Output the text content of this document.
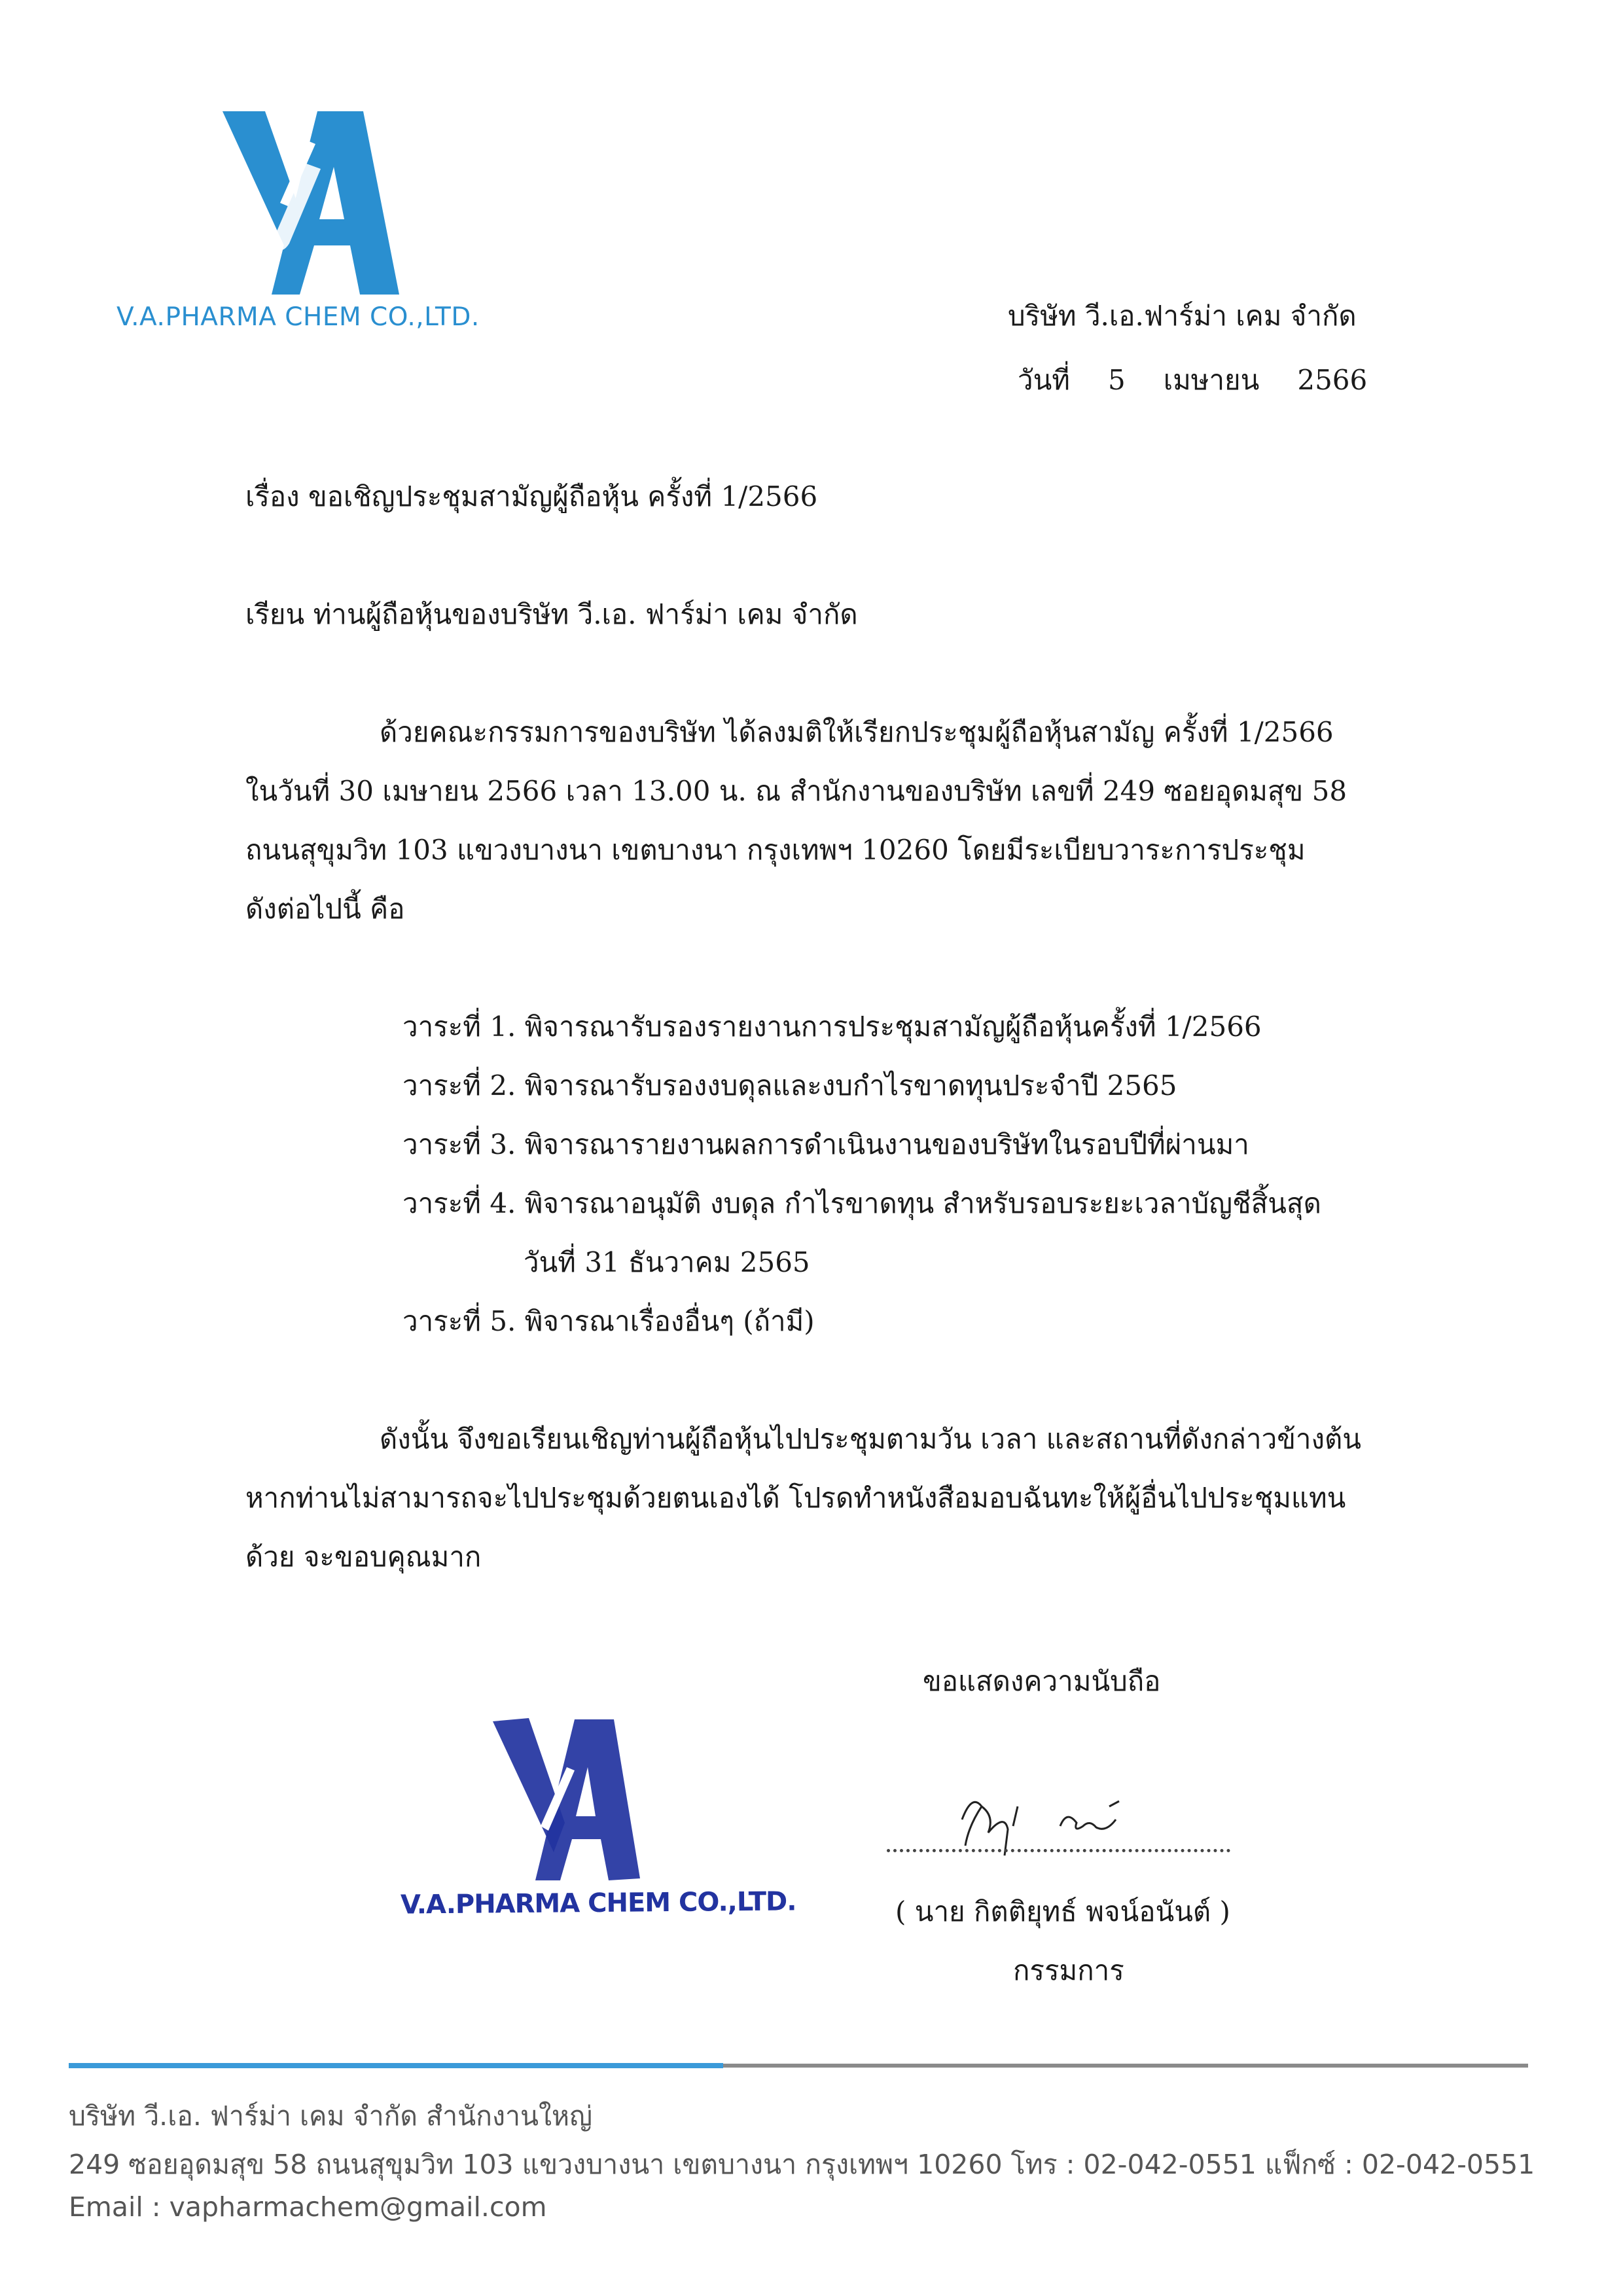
V.A.PHARMA CHEM CO.,LTD.	บริษัท วี.เอ.ฟาร์ม่า เคม จำกัด
วันที่ 5 เมษายน 2566
เรื่อง ขอเชิญประชุมสามัญผู้ถือหุ้น ครั้งที่ 1/2566
เรียน ท่านผู้ถือหุ้นของบริษัท วี.เอ. ฟาร์ม่า เคม จำกัด
ด้วยคณะกรรมการของบริษัท ได้ลงมติให้เรียกประชุมผู้ถือหุ้นสามัญ ครั้งที่ 1/2566
ในวันที่ 30 เมษายน 2566 เวลา 13.00 น. ณ สำนักงานของบริษัท เลขที่ 249 ซอยอุดมสุข 58
ถนนสุขุมวิท 103 แขวงบางนา เขตบางนา กรุงเทพฯ 10260 โดยมีระเบียบวาระการประชุม
ดังต่อไปนี้ คือ
วาระที่ 1. พิจารณารับรองรายงานการประชุมสามัญผู้ถือหุ้นครั้งที่ 1/2566
วาระที่ 2. พิจารณารับรองงบดุลและงบกำไรขาดทุนประจำปี 2565
วาระที่ 3. พิจารณารายงานผลการดำเนินงานของบริษัทในรอบปีที่ผ่านมา
วาระที่ 4. พิจารณาอนุมัติ งบดุล กำไรขาดทุน สำหรับรอบระยะเวลาบัญชีสิ้นสุด
วันที่ 31 ธันวาคม 2565
วาระที่ 5. พิจารณาเรื่องอื่นๆ (ถ้ามี)
ดังนั้น จึงขอเรียนเชิญท่านผู้ถือหุ้นไปประชุมตามวัน เวลา และสถานที่ดังกล่าวข้างต้น
หากท่านไม่สามารถจะไปประชุมด้วยตนเองได้ โปรดทำหนังสือมอบฉันทะให้ผู้อื่นไปประชุมแทน
ด้วย จะขอบคุณมาก
ขอแสดงความนับถือ
V.A.PHARMA CHEM CO.,LTD.	( นาย กิตติยุทธ์ พจน์อนันต์ )
กรรมการ
บริษัท วี.เอ. ฟาร์ม่า เคม จำกัด สำนักงานใหญ่
249 ซอยอุดมสุข 58 ถนนสุขุมวิท 103 แขวงบางนา เขตบางนา กรุงเทพฯ 10260 โทร : 02-042-0551 แฟ็กซ์ : 02-042-0551
Email : vapharmachem@gmail.com
